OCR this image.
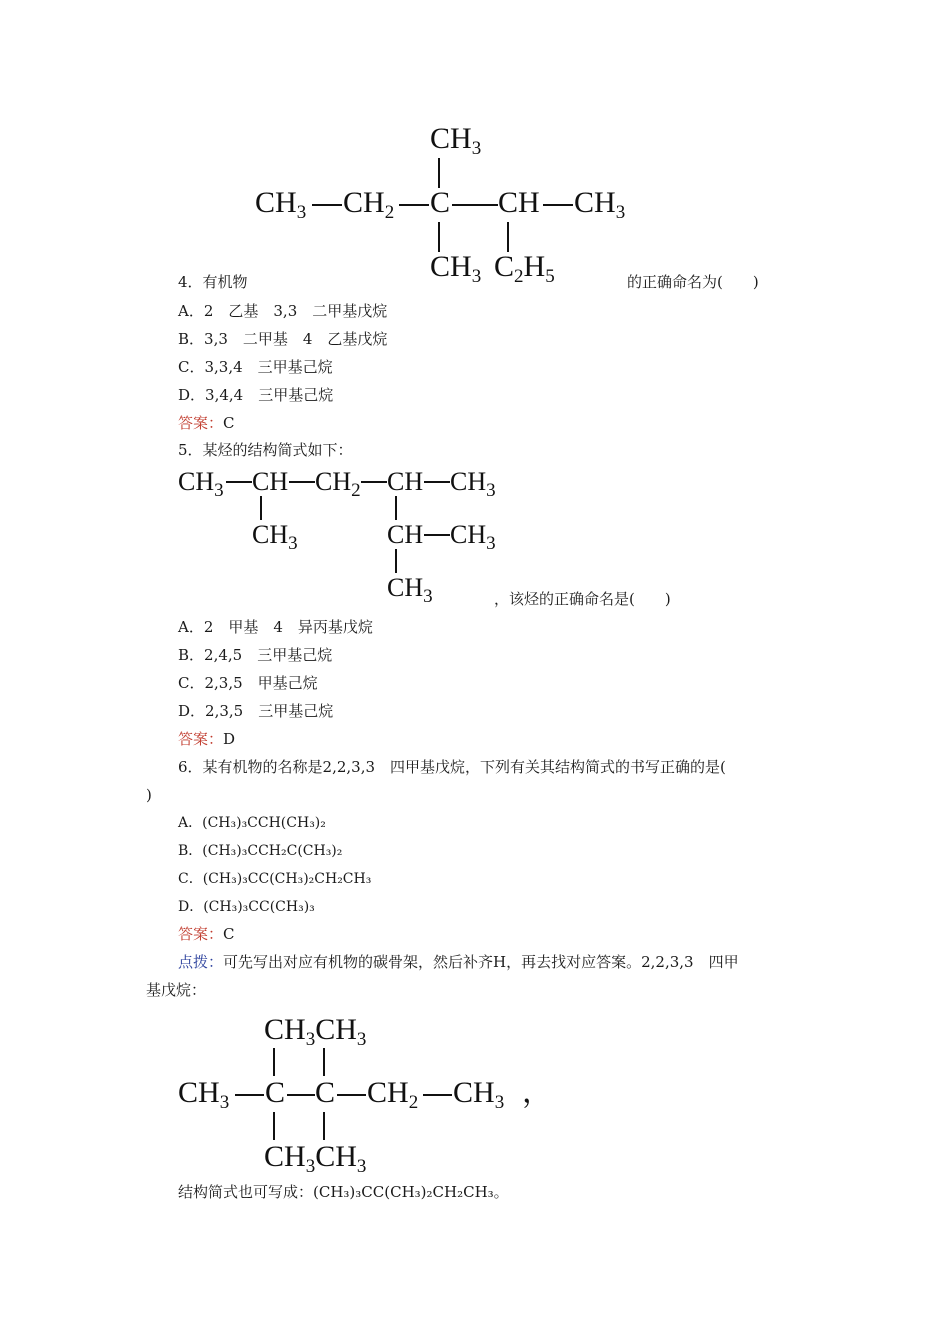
$CH_3$
$CH_3$ $CH_2$ C CH $CH_3$
$CH_3$ $C_2H_5$
4．有机物	的正确命名为(　　)
A．2　乙基　3,3　二甲基戊烷
B．3,3　二甲基　4　乙基戊烷
C．3,3,4　三甲基己烷
D．3,4,4　三甲基己烷
答案：C
5．某烃的结构简式如下：
$CH_3$ CH $CH_2$ CH $CH_3$
$CH_3$	CH $CH_3$
$CH_3$	，该烃的正确命名是(　　)
A．2　甲基　4　异丙基戊烷
B．2,4,5　三甲基己烷
C．2,3,5　甲基己烷
D．2,3,5　三甲基己烷
答案：D
6．某有机物的名称是2,2,3,3　四甲基戊烷，下列有关其结构简式的书写正确的是(
)
A．(CH₃)₃CCH(CH₃)₂
B．(CH₃)₃CCH₂C(CH₃)₂
C．(CH₃)₃CC(CH₃)₂CH₂CH₃
D．(CH₃)₃CC(CH₃)₃
答案：C
点拨：可先写出对应有机物的碳骨架，然后补齐H，再去找对应答案。2,2,3,3　四甲
基戊烷：
$CH_3CH_3$
$CH_3$ C C $CH_2$ $CH_3$ ，
$CH_3CH_3$
结构简式也可写成：(CH₃)₃CC(CH₃)₂CH₂CH₃。
